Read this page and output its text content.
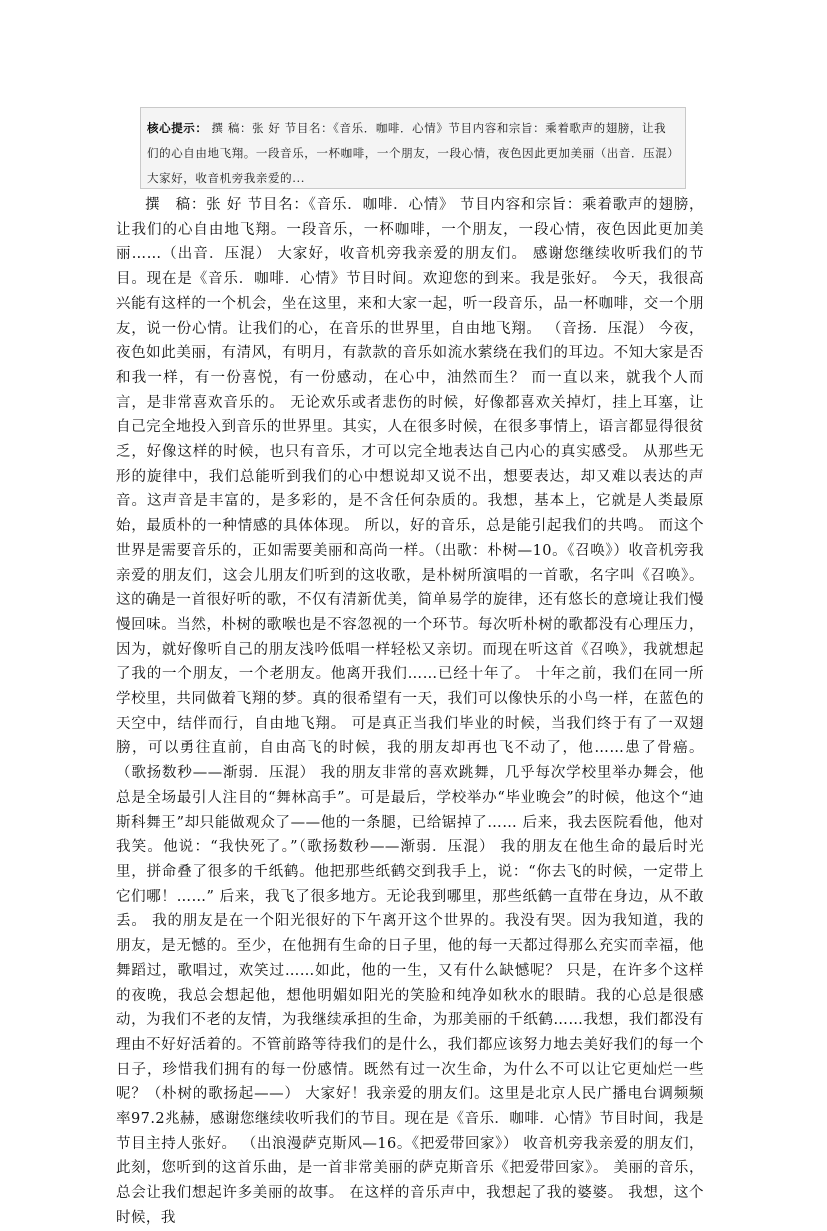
核心提示： 撰 稿：张 好 节目名：《音乐．咖啡．心情》节目内容和宗旨：乘着歌声的翅膀，让我们的心自由地飞翔。一段音乐，一杯咖啡，一个朋友，一段心情，夜色因此更加美丽（出音．压混）大家好，收音机旁我亲爱的...

撰　稿：张 好 节目名：《音乐．咖啡．心情》 节目内容和宗旨：乘着歌声的翅膀，让我们的心自由地飞翔。一段音乐，一杯咖啡，一个朋友，一段心情，夜色因此更加美丽……（出音．压混） 大家好，收音机旁我亲爱的朋友们。 感谢您继续收听我们的节目。现在是《音乐．咖啡．心情》节目时间。欢迎您的到来。我是张好。 今天，我很高兴能有这样的一个机会，坐在这里，来和大家一起，听一段音乐，品一杯咖啡，交一个朋友，说一份心情。让我们的心，在音乐的世界里，自由地飞翔。 （音扬．压混） 今夜，夜色如此美丽，有清风，有明月，有款款的音乐如流水萦绕在我们的耳边。不知大家是否和我一样，有一份喜悦，有一份感动，在心中，油然而生？ 而一直以来，就我个人而言，是非常喜欢音乐的。 无论欢乐或者悲伤的时候，好像都喜欢关掉灯，挂上耳塞，让自己完全地投入到音乐的世界里。其实，人在很多时候，在很多事情上，语言都显得很贫乏，好像这样的时候，也只有音乐，才可以完全地表达自己内心的真实感受。 从那些无形的旋律中，我们总能听到我们的心中想说却又说不出，想要表达，却又难以表达的声音。这声音是丰富的，是多彩的，是不含任何杂质的。我想，基本上，它就是人类最原始，最质朴的一种情感的具体体现。 所以，好的音乐，总是能引起我们的共鸣。 而这个世界是需要音乐的，正如需要美丽和高尚一样。（出歌：朴树—10。《召唤》）收音机旁我亲爱的朋友们，这会儿朋友们听到的这收歌，是朴树所演唱的一首歌，名字叫《召唤》。 这的确是一首很好听的歌，不仅有清新优美，简单易学的旋律，还有悠长的意境让我们慢慢回味。当然，朴树的歌喉也是不容忽视的一个环节。每次听朴树的歌都没有心理压力，因为，就好像听自己的朋友浅吟低唱一样轻松又亲切。而现在听这首《召唤》，我就想起了我的一个朋友，一个老朋友。他离开我们……已经十年了。 十年之前，我们在同一所学校里，共同做着飞翔的梦。真的很希望有一天，我们可以像快乐的小鸟一样，在蓝色的天空中，结伴而行，自由地飞翔。 可是真正当我们毕业的时候，当我们终于有了一双翅膀，可以勇往直前，自由高飞的时候，我的朋友却再也飞不动了，他……患了骨癌。 （歌扬数秒——渐弱．压混） 我的朋友非常的喜欢跳舞，几乎每次学校里举办舞会，他总是全场最引人注目的“舞林高手”。可是最后，学校举办“毕业晚会”的时候，他这个“迪斯科舞王”却只能做观众了——他的一条腿，已给锯掉了…… 后来，我去医院看他，他对我笑。他说：“我快死了。”（歌扬数秒——渐弱．压混） 我的朋友在他生命的最后时光里，拼命叠了很多的千纸鹤。他把那些纸鹤交到我手上，说：“你去飞的时候，一定带上它们哪！……” 后来，我飞了很多地方。无论我到哪里，那些纸鹤一直带在身边，从不敢丢。 我的朋友是在一个阳光很好的下午离开这个世界的。我没有哭。因为我知道，我的朋友，是无憾的。至少，在他拥有生命的日子里，他的每一天都过得那么充实而幸福，他舞蹈过，歌唱过，欢笑过……如此，他的一生，又有什么缺憾呢？ 只是，在许多个这样的夜晚，我总会想起他，想他明媚如阳光的笑脸和纯净如秋水的眼睛。我的心总是很感动，为我们不老的友情，为我继续承担的生命，为那美丽的千纸鹤……我想，我们都没有理由不好好活着的。不管前路等待我们的是什么，我们都应该努力地去美好我们的每一个日子，珍惜我们拥有的每一份感情。既然有过一次生命，为什么不可以让它更灿烂一些呢？（朴树的歌扬起——） 大家好！我亲爱的朋友们。这里是北京人民广播电台调频频率97.2兆赫，感谢您继续收听我们的节目。现在是《音乐．咖啡．心情》节目时间，我是节目主持人张好。 （出浪漫萨克斯风—16。《把爱带回家》） 收音机旁我亲爱的朋友们，此刻，您听到的这首乐曲，是一首非常美丽的萨克斯音乐《把爱带回家》。 美丽的音乐，总会让我们想起许多美丽的故事。 在这样的音乐声中，我想起了我的婆婆。 我想，这个时候，我
